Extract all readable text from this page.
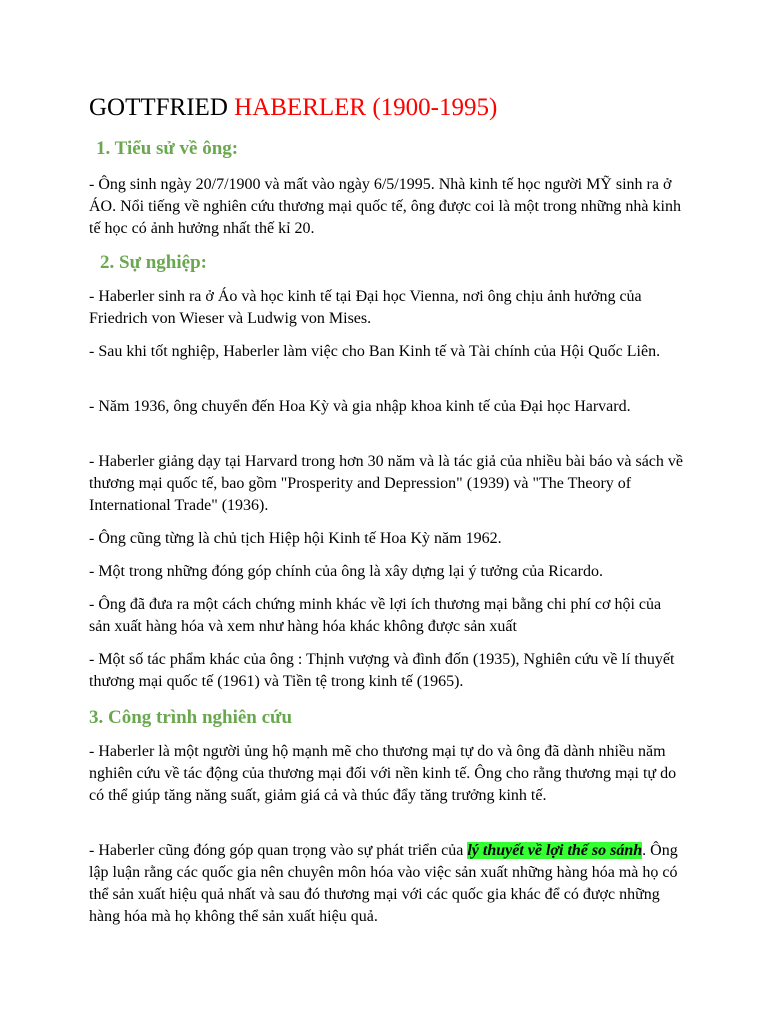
GOTTFRIED HABERLER (1900-1995)
1. Tiểu sử về ông:

- Ông sinh ngày 20/7/1900 và mất vào ngày 6/5/1995. Nhà kinh tế học người MỸ sinh ra ở ÁO. Nổi tiếng về nghiên cứu thương mại quốc tế, ông được coi là một trong những nhà kinh tế học có ảnh hưởng nhất thế kỉ 20.

2. Sự nghiệp:

- Haberler sinh ra ở Áo và học kinh tế tại Đại học Vienna, nơi ông chịu ảnh hưởng của Friedrich von Wieser và Ludwig von Mises.

- Sau khi tốt nghiệp, Haberler làm việc cho Ban Kinh tế và Tài chính của Hội Quốc Liên.

- Năm 1936, ông chuyển đến Hoa Kỳ và gia nhập khoa kinh tế của Đại học Harvard.

- Haberler giảng dạy tại Harvard trong hơn 30 năm và là tác giả của nhiều bài báo và sách về thương mại quốc tế, bao gồm "Prosperity and Depression" (1939) và "The Theory of International Trade" (1936).

- Ông cũng từng là chủ tịch Hiệp hội Kinh tế Hoa Kỳ năm 1962.

- Một trong những đóng góp chính của ông là xây dựng lại ý tưởng của Ricardo.

- Ông đã đưa ra một cách chứng minh khác về lợi ích thương mại bằng chi phí cơ hội của sản xuất hàng hóa và xem như hàng hóa khác không được sản xuất

- Một số tác phẩm khác của ông : Thịnh vượng và đình đốn (1935), Nghiên cứu về lí thuyết thương mại quốc tế (1961) và Tiền tệ trong kinh tế (1965).

3. Công trình nghiên cứu

- Haberler là một người ủng hộ mạnh mẽ cho thương mại tự do và ông đã dành nhiều năm nghiên cứu về tác động của thương mại đối với nền kinh tế. Ông cho rằng thương mại tự do có thể giúp tăng năng suất, giảm giá cả và thúc đẩy tăng trưởng kinh tế.

- Haberler cũng đóng góp quan trọng vào sự phát triển của lý thuyết về lợi thế so sánh. Ông lập luận rằng các quốc gia nên chuyên môn hóa vào việc sản xuất những hàng hóa mà họ có thể sản xuất hiệu quả nhất và sau đó thương mại với các quốc gia khác để có được những hàng hóa mà họ không thể sản xuất hiệu quả.
